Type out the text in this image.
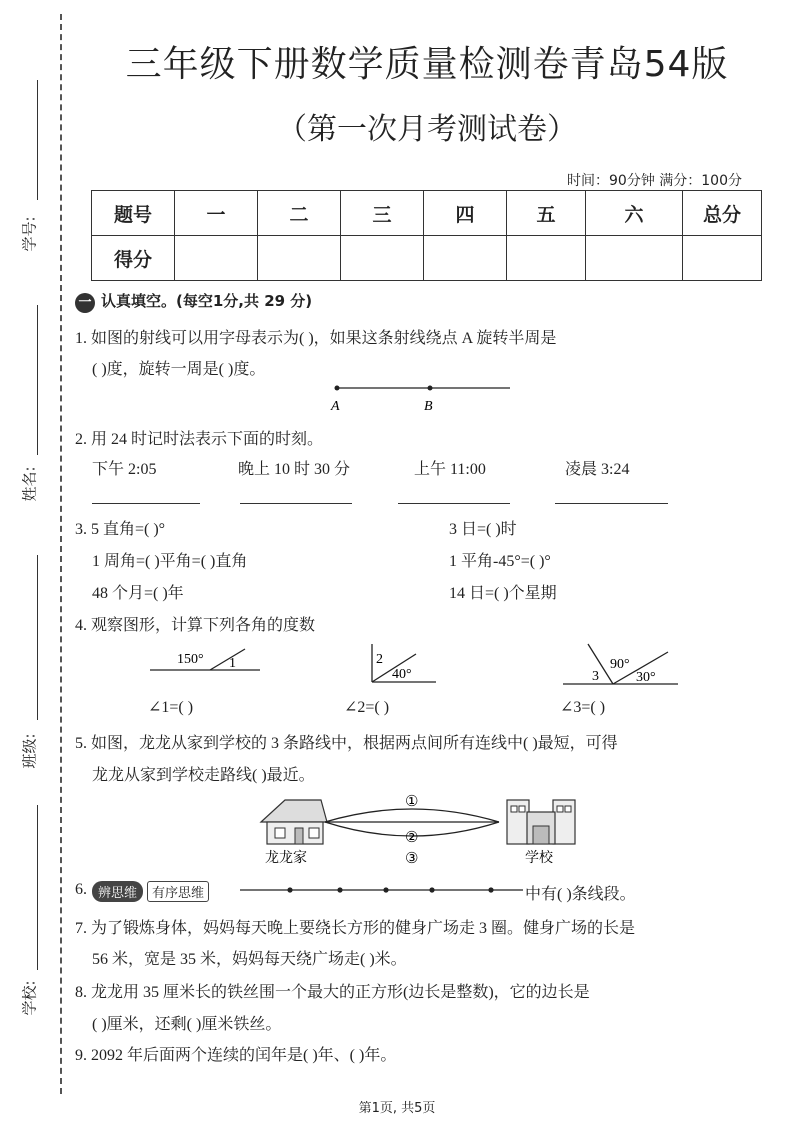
学号:
姓名:
班级:
学校:
三年级下册数学质量检测卷青岛54版
（第一次月考测试卷）
时间：90分钟 满分：100分
题号	一	二	三	四	五	六	总分
得分							
一 认真填空。(每空1分,共 29 分)
1. 如图的射线可以用字母表示为( )，如果这条射线绕点 A 旋转半周是
( )度，旋转一周是( )度。
A	B
2. 用 24 时记时法表示下面的时刻。
下午 2:05	晚上 10 时 30 分	上午 11:00	凌晨 3:24
3. 5 直角=( )°	3 日=( )时
1 周角=( )平角=( )直角	1 平角-45°=( )°
48 个月=( )年	14 日=( )个星期
4. 观察图形，计算下列各角的度数
150° 1	2
40°
90°
3	30°
∠1=( )	∠2=( )	∠3=( )
5. 如图，龙龙从家到学校的 3 条路线中，根据两点间所有连线中( )最短，可得
龙龙从家到学校走路线( )最近。
①
②
③
龙龙家	学校
6. 辨思维 有序思维	中有( )条线段。
7. 为了锻炼身体，妈妈每天晚上要绕长方形的健身广场走 3 圈。健身广场的长是
56 米，宽是 35 米，妈妈每天绕广场走( )米。
8. 龙龙用 35 厘米长的铁丝围一个最大的正方形(边长是整数)，它的边长是
( )厘米，还剩( )厘米铁丝。
9. 2092 年后面两个连续的闰年是( )年、( )年。
第1页, 共5页
